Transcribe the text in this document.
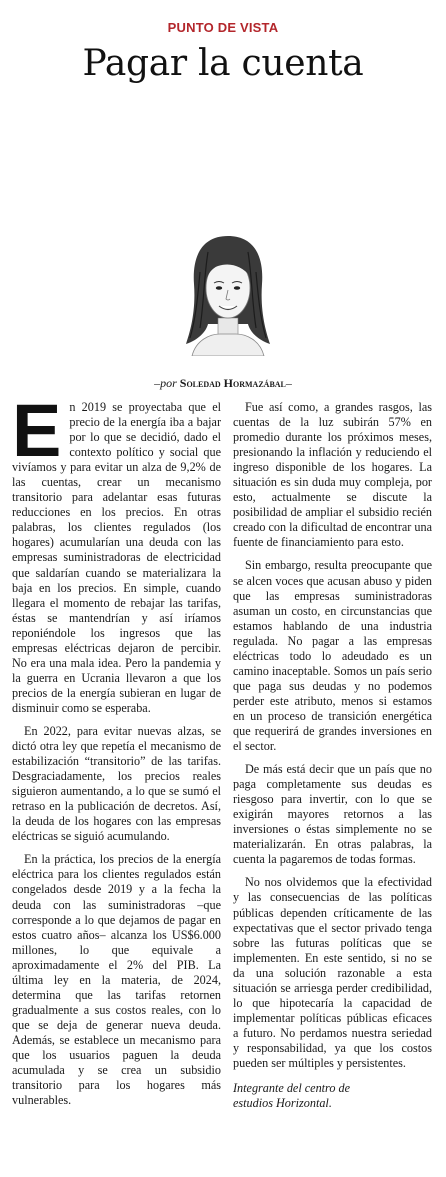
PUNTO DE VISTA
Pagar la cuenta
–por Soledad Hormazábal–

En 2019 se proyectaba que el precio de la energía iba a bajar por lo que se decidió, dado el contexto político y social que vivíamos y para evitar un alza de 9,2% de las cuentas, crear un mecanismo transitorio para adelantar esas futuras reducciones en los precios. En otras palabras, los clientes regulados (los hogares) acumularían una deuda con las empresas suministradoras de electricidad que saldarían cuando se materializara la baja en los precios. En simple, cuando llegara el momento de rebajar las tarifas, éstas se mantendrían y así iríamos reponiéndole los ingresos que las empresas eléctricas dejaron de percibir. No era una mala idea. Pero la pandemia y la guerra en Ucrania llevaron a que los precios de la energía subieran en lugar de disminuir como se esperaba.

En 2022, para evitar nuevas alzas, se dictó otra ley que repetía el mecanismo de estabilización “transitorio” de las tarifas. Desgraciadamente, los precios reales siguieron aumentando, a lo que se sumó el retraso en la publicación de decretos. Así, la deuda de los hogares con las empresas eléctricas se siguió acumulando.

En la práctica, los precios de la energía eléctrica para los clientes regulados están congelados desde 2019 y a la fecha la deuda con las suministradoras –que corresponde a lo que dejamos de pagar en estos cuatro años– alcanza los US$6.000 millones, lo que equivale a aproximadamente el 2% del PIB. La última ley en la materia, de 2024, determina que las tarifas retornen gradualmente a sus costos reales, con lo que se deja de generar nueva deuda. Además, se establece un mecanismo para que los usuarios paguen la deuda acumulada y se crea un subsidio transitorio para los hogares más vulnerables.

Fue así como, a grandes rasgos, las cuentas de la luz subirán 57% en promedio durante los próximos meses, presionando la inflación y reduciendo el ingreso disponible de los hogares. La situación es sin duda muy compleja, por esto, actualmente se discute la posibilidad de ampliar el subsidio recién creado con la dificultad de encontrar una fuente de financiamiento para esto.

Sin embargo, resulta preocupante que se alcen voces que acusan abuso y piden que las empresas suministradoras asuman un costo, en circunstancias que estamos hablando de una industria regulada. No pagar a las empresas eléctricas todo lo adeudado es un camino inaceptable. Somos un país serio que paga sus deudas y no podemos perder este atributo, menos si estamos en un proceso de transición energética que requerirá de grandes inversiones en el sector.

De más está decir que un país que no paga completamente sus deudas es riesgoso para invertir, con lo que se exigirán mayores retornos a las inversiones o éstas simplemente no se materializarán. En otras palabras, la cuenta la pagaremos de todas formas.

No nos olvidemos que la efectividad y las consecuencias de las políticas públicas dependen críticamente de las expectativas que el sector privado tenga sobre las futuras políticas que se implementen. En este sentido, si no se da una solución razonable a esta situación se arriesga perder credibilidad, lo que hipotecaría la capacidad de implementar políticas públicas eficaces a futuro. No perdamos nuestra seriedad y responsabilidad, ya que los costos pueden ser múltiples y persistentes.

Integrante del centro de
estudios Horizontal.
